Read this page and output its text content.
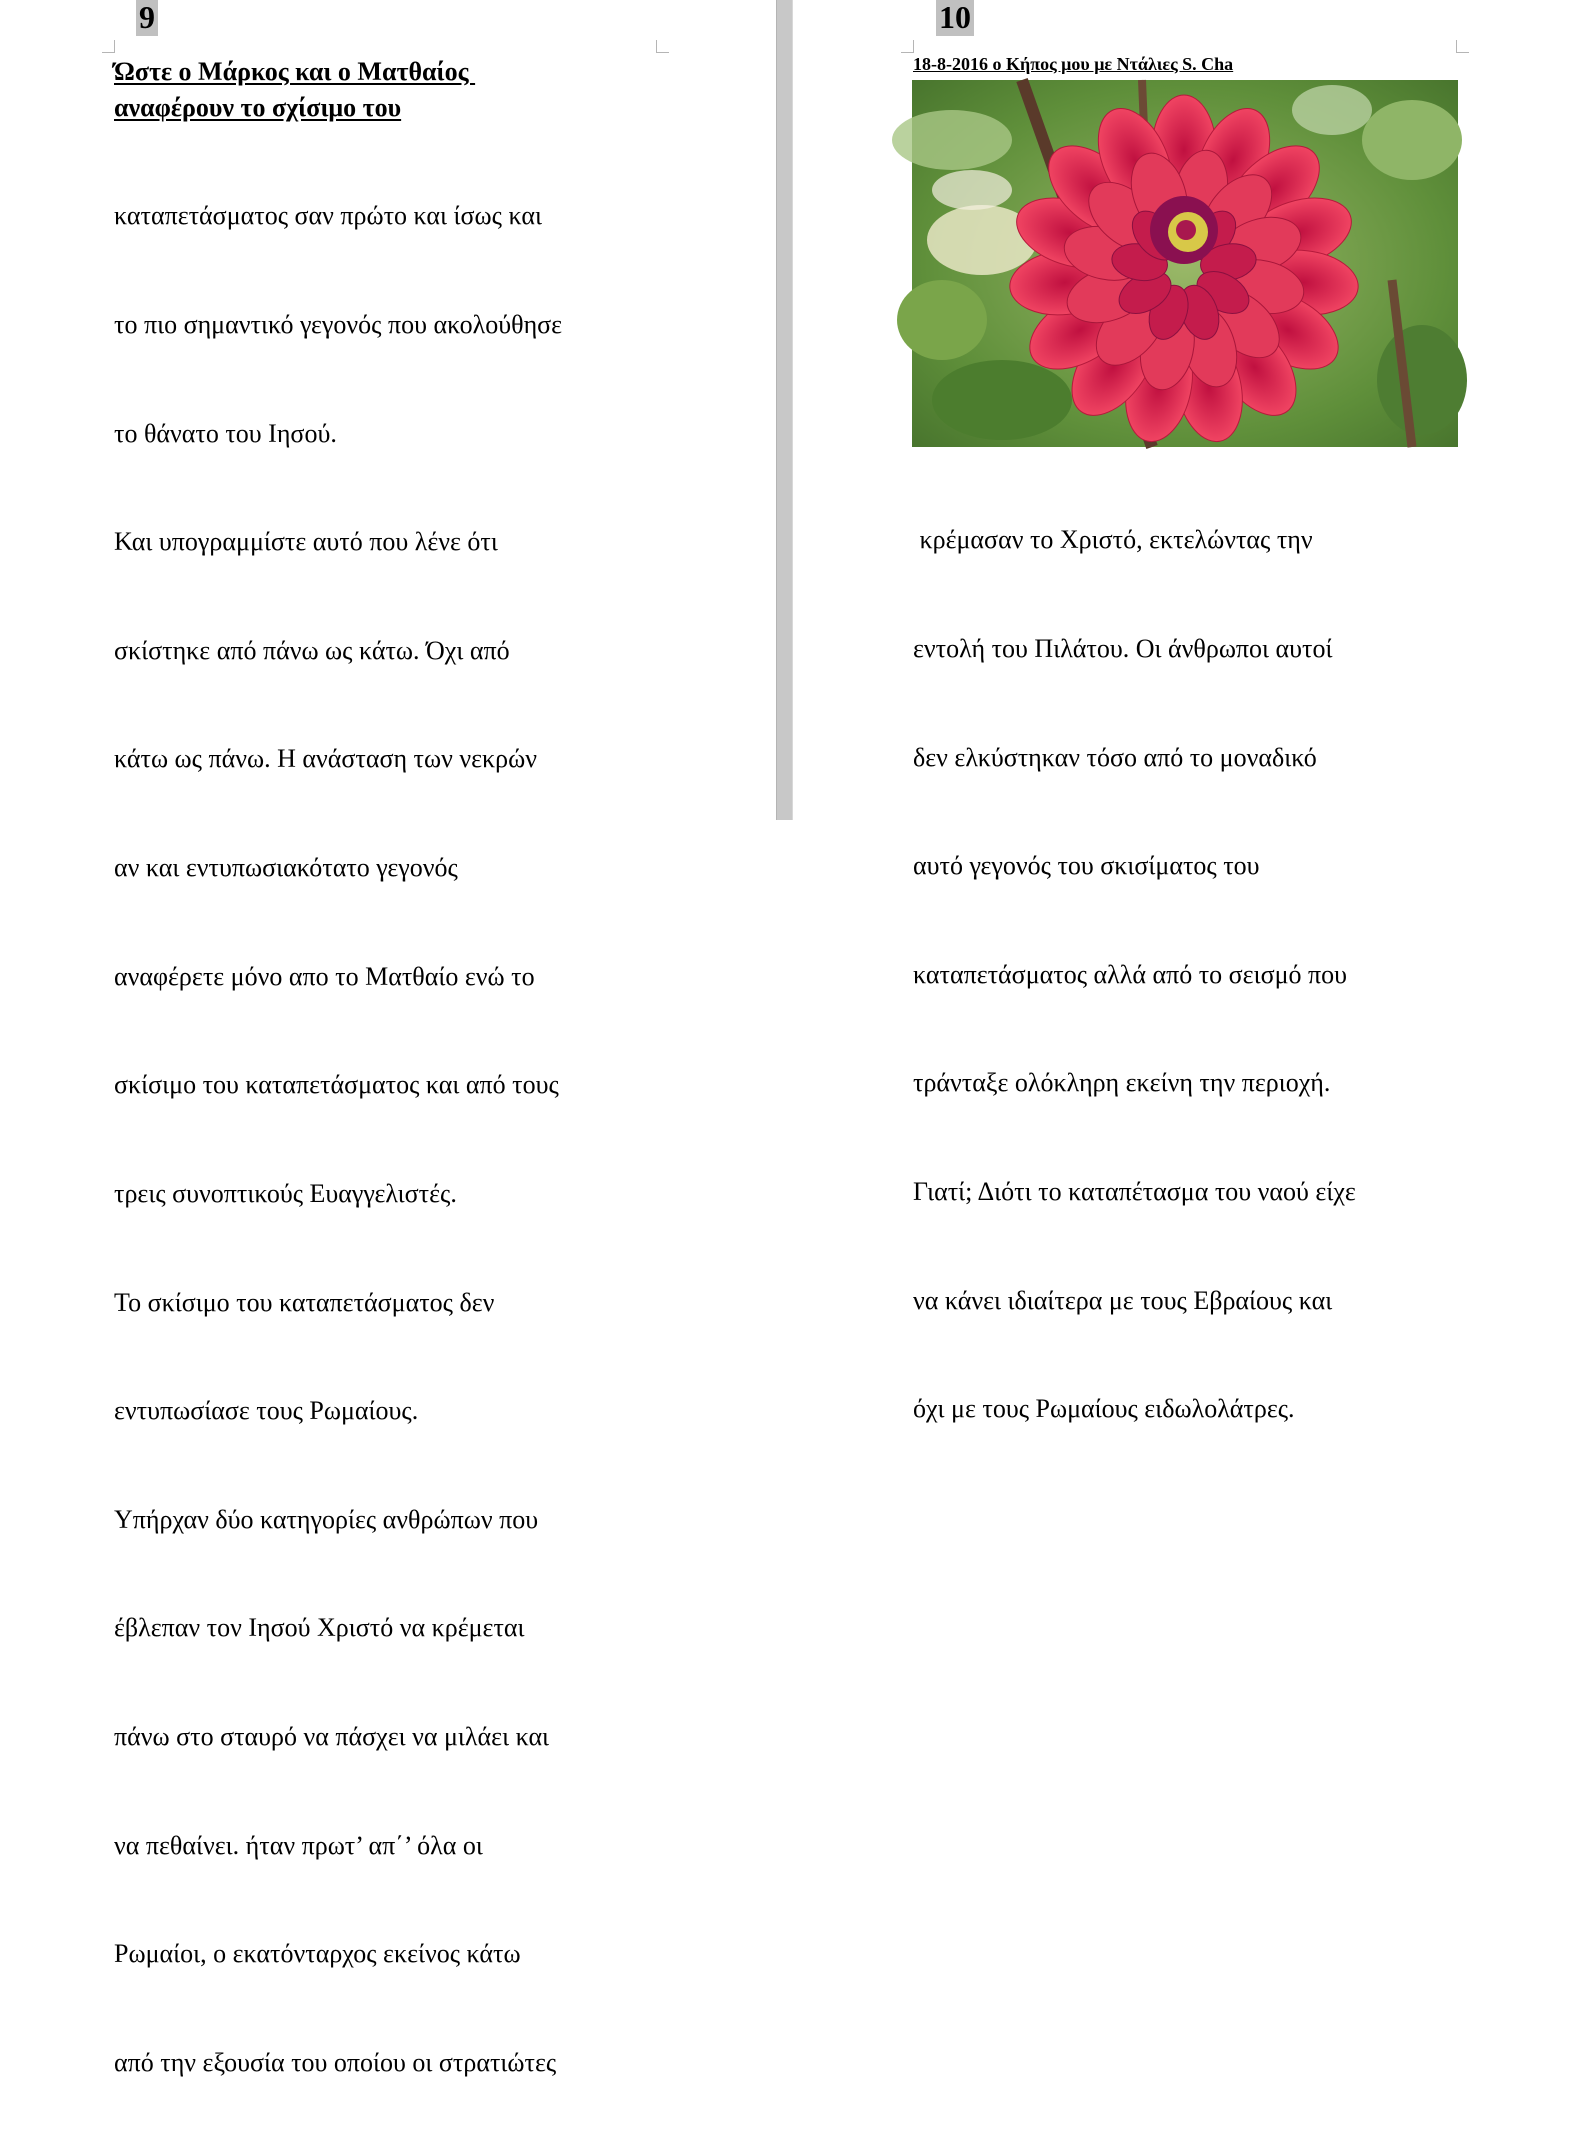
9
Ώστε ο Μάρκος και ο Ματθαίος
αναφέρουν το σχίσιμο του

καταπετάσματος σαν πρώτο και ίσως και

το πιο σημαντικό γεγονός που ακολούθησε

το θάνατο του Ιησού.

Και υπογραμμίστε αυτό που λένε ότι

σκίστηκε από πάνω ως κάτω. Όχι από

κάτω ως πάνω. Η ανάσταση των νεκρών

αν και εντυπωσιακότατο γεγονός

αναφέρετε μόνο απο το Ματθαίο ενώ το

σκίσιμο του καταπετάσματος και από τους

τρεις συνοπτικούς Ευαγγελιστές.

Το σκίσιμο του καταπετάσματος δεν

εντυπωσίασε τους Ρωμαίους.

Υπήρχαν δύο κατηγορίες ανθρώπων που

έβλεπαν τον Ιησού Χριστό να κρέμεται

πάνω στο σταυρό να πάσχει να μιλάει και

να πεθαίνει. ήταν πρωτ’ απ΄’ όλα οι

Ρωμαίοι, ο εκατόνταρχος εκείνος κάτω

από την εξουσία του οποίου οι στρατιώτες

10
18-8-2016 ο Κήπος μου με Ντάλιες S. Cha

κρέμασαν το Χριστό, εκτελώντας την

εντολή του Πιλάτου. Οι άνθρωποι αυτοί

δεν ελκύστηκαν τόσο από το μοναδικό

αυτό γεγονός του σκισίματος του

καταπετάσματος αλλά από το σεισμό που

τράνταξε ολόκληρη εκείνη την περιοχή.

Γιατί; Διότι το καταπέτασμα του ναού είχε

να κάνει ιδιαίτερα με τους Εβραίους και

όχι με τους Ρωμαίους ειδωλολάτρες.
